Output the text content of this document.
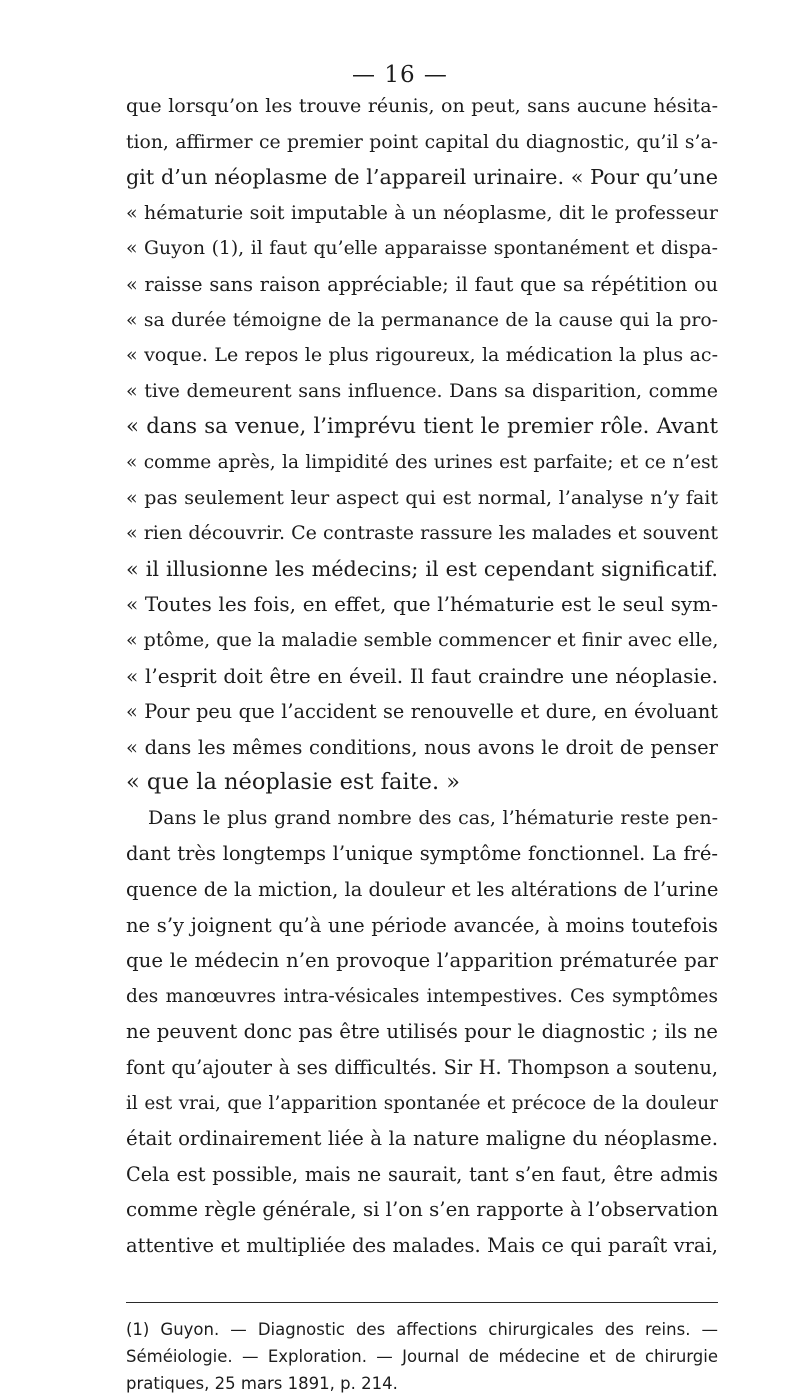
— 16 —
que lorsqu’on les trouve réunis, on peut, sans aucune hésita-
tion, affirmer ce premier point capital du diagnostic, qu’il s’a-
git d’un néoplasme de l’appareil urinaire. « Pour qu’une
« hématurie soit imputable à un néoplasme, dit le professeur
« Guyon (1), il faut qu’elle apparaisse spontanément et dispa-
« raisse sans raison appréciable; il faut que sa répétition ou
« sa durée témoigne de la permanance de la cause qui la pro-
« voque. Le repos le plus rigoureux, la médication la plus ac-
« tive demeurent sans influence. Dans sa disparition, comme
« dans sa venue, l’imprévu tient le premier rôle. Avant
« comme après, la limpidité des urines est parfaite; et ce n’est
« pas seulement leur aspect qui est normal, l’analyse n’y fait
« rien découvrir. Ce contraste rassure les malades et souvent
« il illusionne les médecins; il est cependant significatif.
« Toutes les fois, en effet, que l’hématurie est le seul sym-
« ptôme, que la maladie semble commencer et finir avec elle,
« l’esprit doit être en éveil. Il faut craindre une néoplasie.
« Pour peu que l’accident se renouvelle et dure, en évoluant
« dans les mêmes conditions, nous avons le droit de penser
« que la néoplasie est faite. »
Dans le plus grand nombre des cas, l’hématurie reste pen-
dant très longtemps l’unique symptôme fonctionnel. La fré-
quence de la miction, la douleur et les altérations de l’urine
ne s’y joignent qu’à une période avancée, à moins toutefois
que le médecin n’en provoque l’apparition prématurée par
des manœuvres intra-vésicales intempestives. Ces symptômes
ne peuvent donc pas être utilisés pour le diagnostic ; ils ne
font qu’ajouter à ses difficultés. Sir H. Thompson a soutenu,
il est vrai, que l’apparition spontanée et précoce de la douleur
était ordinairement liée à la nature maligne du néoplasme.
Cela est possible, mais ne saurait, tant s’en faut, être admis
comme règle générale, si l’on s’en rapporte à l’observation
attentive et multipliée des malades. Mais ce qui paraît vrai,
(1) Guyon. — Diagnostic des affections chirurgicales des reins. —
Séméiologie. — Exploration. — Journal de médecine et de chirurgie
pratiques, 25 mars 1891, p. 214.
